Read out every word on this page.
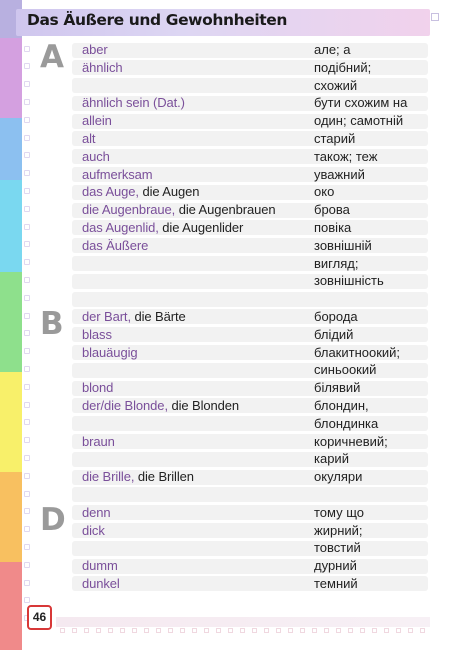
Das Äußere und Gewohnheiten
A
B
D
aber	але; а
ähnlich	подібний;
схожий
ähnlich sein (Dat.)	бути схожим на
allein	один; самотній
alt	старий
auch	також; теж
aufmerksam	уважний
das Auge, die Augen	око
die Augenbraue, die Augenbrauen	брова
das Augenlid, die Augenlider	повіка
das Äußere	зовнішній
вигляд;
зовнішність
der Bart, die Bärte	борода
blass	блідий
blauäugig	блакитноокий;
синьоокий
blond	білявий
der/die Blonde, die Blonden	блондин,
блондинка
braun	коричневий;
карий
die Brille, die Brillen	окуляри
denn	тому що
dick	жирний;
товстий
dumm	дурний
dunkel	темний
46
